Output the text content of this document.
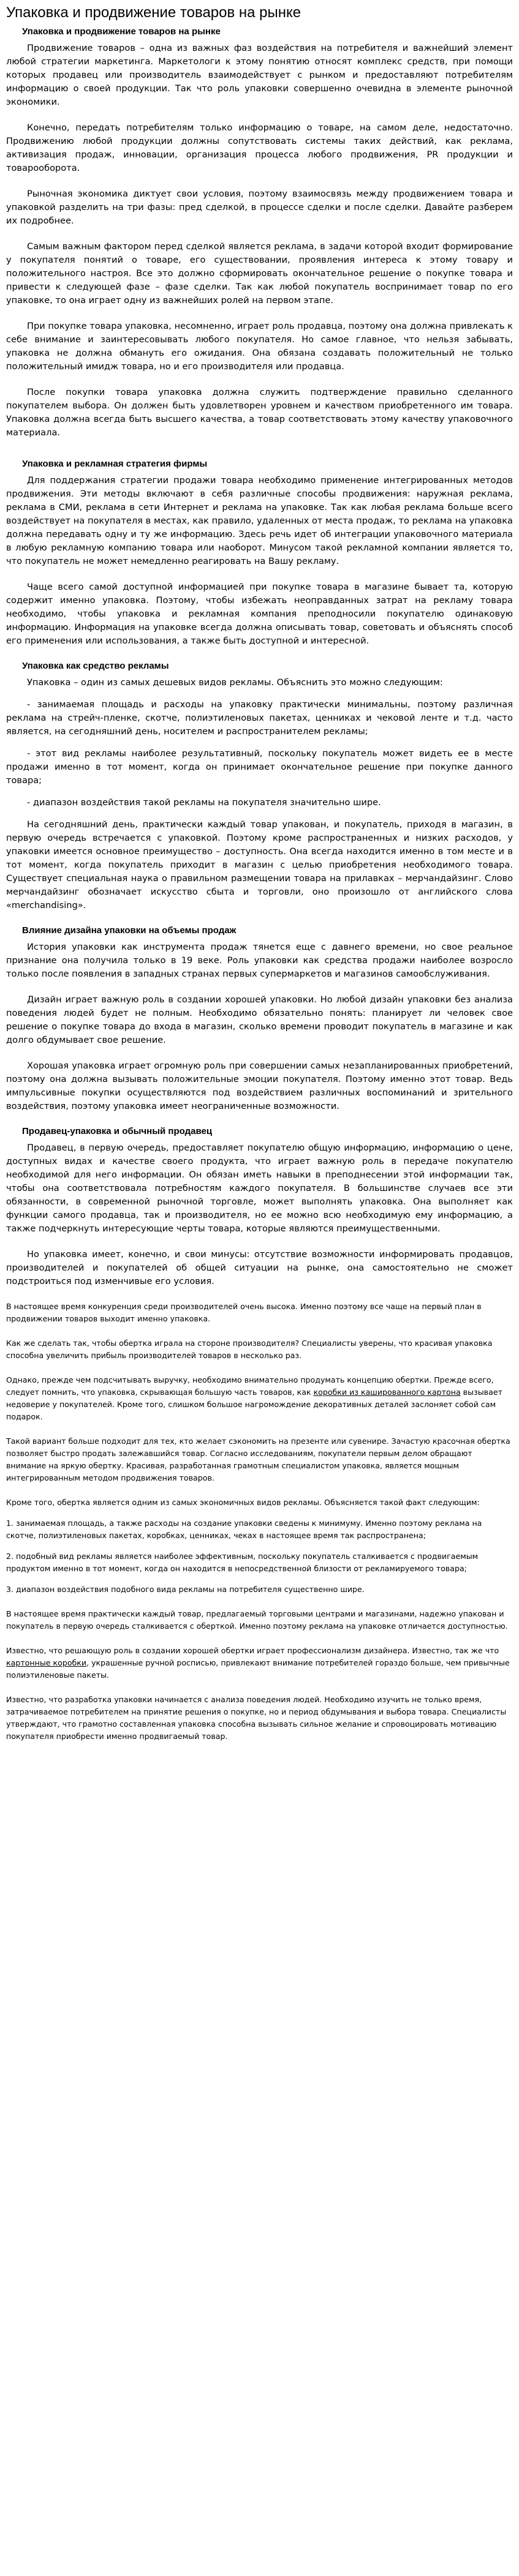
Упаковка и продвижение товаров на рынке
Упаковка и продвижение товаров на рынке

Продвижение товаров – одна из важных фаз воздействия на потребителя и важнейший элемент любой стратегии маркетинга. Маркетологи к этому понятию относят комплекс средств, при помощи которых продавец или производитель взаимодействует с рынком и предоставляют потребителям информацию о своей продукции. Так что роль упаковки совершенно очевидна в элементе рыночной экономики.

Конечно, передать потребителям только информацию о товаре, на самом деле, недостаточно. Продвижению любой продукции должны сопутствовать системы таких действий, как реклама, активизация продаж, инновации, организация процесса любого продвижения, PR продукции и товарооборота.

Рыночная экономика диктует свои условия, поэтому взаимосвязь между продвижением товара и упаковкой разделить на три фазы: пред сделкой, в процессе сделки и после сделки. Давайте разберем их подробнее.

Самым важным фактором перед сделкой является реклама, в задачи которой входит формирование у покупателя понятий о товаре, его существовании, проявления интереса к этому товару и положительного настроя. Все это должно сформировать окончательное решение о покупке товара и привести к следующей фазе – фазе сделки. Так как любой покупатель воспринимает товар по его упаковке, то она играет одну из важнейших ролей на первом этапе.

При покупке товара упаковка, несомненно, играет роль продавца, поэтому она должна привлекать к себе внимание и заинтересовывать любого покупателя. Но самое главное, что нельзя забывать, упаковка не должна обмануть его ожидания. Она обязана создавать положительный не только положительный имидж товара, но и его производителя или продавца.

После покупки товара упаковка должна служить подтверждение правильно сделанного покупателем выбора. Он должен быть удовлетворен уровнем и качеством приобретенного им товара. Упаковка должна всегда быть высшего качества, а товар соответствовать этому качеству упаковочного материала.

Упаковка и рекламная стратегия фирмы

Для поддержания стратегии продажи товара необходимо применение интегрированных методов продвижения. Эти методы включают в себя различные способы продвижения: наружная реклама, реклама в СМИ, реклама в сети Интернет и реклама на упаковке. Так как любая реклама больше всего воздействует на покупателя в местах, как правило, удаленных от места продаж, то реклама на упаковка должна передавать одну и ту же информацию. Здесь речь идет об интеграции упаковочного материала в любую рекламную компанию товара или наоборот. Минусом такой рекламной компании является то, что покупатель не может немедленно реагировать на Вашу рекламу.

Чаще всего самой доступной информацией при покупке товара в магазине бывает та, которую содержит именно упаковка. Поэтому, чтобы избежать неоправданных затрат на рекламу товара необходимо, чтобы упаковка и рекламная компания преподносили покупателю одинаковую информацию. Информация на упаковке всегда должна описывать товар, советовать и объяснять способ его применения или использования, а также быть доступной и интересной.

Упаковка как средство рекламы

Упаковка – один из самых дешевых видов рекламы. Объяснить это можно следующим:

- занимаемая площадь и расходы на упаковку практически минимальны, поэтому различная реклама на стрейч-пленке, скотче, полиэтиленовых пакетах, ценниках и чековой ленте и т.д. часто является, на сегодняшний день, носителем и распространителем рекламы;

- этот вид рекламы наиболее результативный, поскольку покупатель может видеть ее в месте продажи именно в тот момент, когда он принимает окончательное решение при покупке данного товара;

- диапазон воздействия такой рекламы на покупателя значительно шире.

На сегодняшний день, практически каждый товар упакован, и покупатель, приходя в магазин, в первую очередь встречается с упаковкой. Поэтому кроме распространенных и низких расходов, у упаковки имеется основное преимущество – доступность. Она всегда находится именно в том месте и в тот момент, когда покупатель приходит в магазин с целью приобретения необходимого товара. Существует специальная наука о правильном размещении товара на прилавках – мерчандайзинг. Слово мерчандайзинг обозначает искусство сбыта и торговли, оно произошло от английского слова «merchandising».

Влияние дизайна упаковки на объемы продаж

История упаковки как инструмента продаж тянется еще с давнего времени, но свое реальное признание она получила только в 19 веке. Роль упаковки как средства продажи наиболее возросло только после появления в западных странах первых супермаркетов и магазинов самообслуживания.

Дизайн играет важную роль в создании хорошей упаковки. Но любой дизайн упаковки без анализа поведения людей будет не полным. Необходимо обязательно понять: планирует ли человек свое решение о покупке товара до входа в магазин, сколько времени проводит покупатель в магазине и как долго обдумывает свое решение.

Хорошая упаковка играет огромную роль при совершении самых незапланированных приобретений, поэтому она должна вызывать положительные эмоции покупателя. Поэтому именно этот товар. Ведь импульсивные покупки осуществляются под воздействием различных воспоминаний и зрительного воздействия, поэтому упаковка имеет неограниченные возможности.

Продавец-упаковка и обычный продавец

Продавец, в первую очередь, предоставляет покупателю общую информацию, информацию о цене, доступных видах и качестве своего продукта, что играет важную роль в передаче покупателю необходимой для него информации. Он обязан иметь навыки в преподнесении этой информации так, чтобы она соответствовала потребностям каждого покупателя. В большинстве случаев все эти обязанности, в современной рыночной торговле, может выполнять упаковка. Она выполняет как функции самого продавца, так и производителя, но ее можно всю необходимую ему информацию, а также подчеркнуть интересующие черты товара, которые являются преимущественными.

Но упаковка имеет, конечно, и свои минусы: отсутствие возможности информировать продавцов, производителей и покупателей об общей ситуации на рынке, она самостоятельно не сможет подстроиться под изменчивые его условия.

В настоящее время конкуренция среди производителей очень высока. Именно поэтому все чаще на первый план в продвижении товаров выходит именно упаковка.

Как же сделать так, чтобы обертка играла на стороне производителя? Специалисты уверены, что красивая упаковка способна увеличить прибыль производителей товаров в несколько раз.

Однако, прежде чем подсчитывать выручку, необходимо внимательно продумать концепцию обертки. Прежде всего, следует помнить, что упаковка, скрывающая большую часть товаров, как коробки из кашированного картона вызывает недоверие у покупателей. Кроме того, слишком большое нагромождение декоративных деталей заслоняет собой сам подарок.

Такой вариант больше подходит для тех, кто желает сэкономить на презенте или сувенире. Зачастую красочная обертка позволяет быстро продать залежавшийся товар. Согласно исследованиям, покупатели первым делом обращают внимание на яркую обертку. Красивая, разработанная грамотным специалистом упаковка, является мощным интегрированным методом продвижения товаров.

Кроме того, обертка является одним из самых экономичных видов рекламы. Объясняется такой факт следующим:

1. занимаемая площадь, а также расходы на создание упаковки сведены к минимуму. Именно поэтому реклама на скотче, полиэтиленовых пакетах, коробках, ценниках, чеках в настоящее время так распространена;

2. подобный вид рекламы является наиболее эффективным, поскольку покупатель сталкивается с продвигаемым продуктом именно в тот момент, когда он находится в непосредственной близости от рекламируемого товара;

3. диапазон воздействия подобного вида рекламы на потребителя существенно шире.

В настоящее время практически каждый товар, предлагаемый торговыми центрами и магазинами, надежно упакован и покупатель в первую очередь сталкивается с оберткой. Именно поэтому реклама на упаковке отличается доступностью.

Известно, что решающую роль в создании хорошей обертки играет профессионализм дизайнера. Известно, так же что картонные коробки, украшенные ручной росписью, привлекают внимание потребителей гораздо больше, чем привычные полиэтиленовые пакеты.

Известно, что разработка упаковки начинается с анализа поведения людей. Необходимо изучить не только время, затрачиваемое потребителем на принятие решения о покупке, но и период обдумывания и выбора товара. Специалисты утверждают, что грамотно составленная упаковка способна вызывать сильное желание и спровоцировать мотивацию покупателя приобрести именно продвигаемый товар.
